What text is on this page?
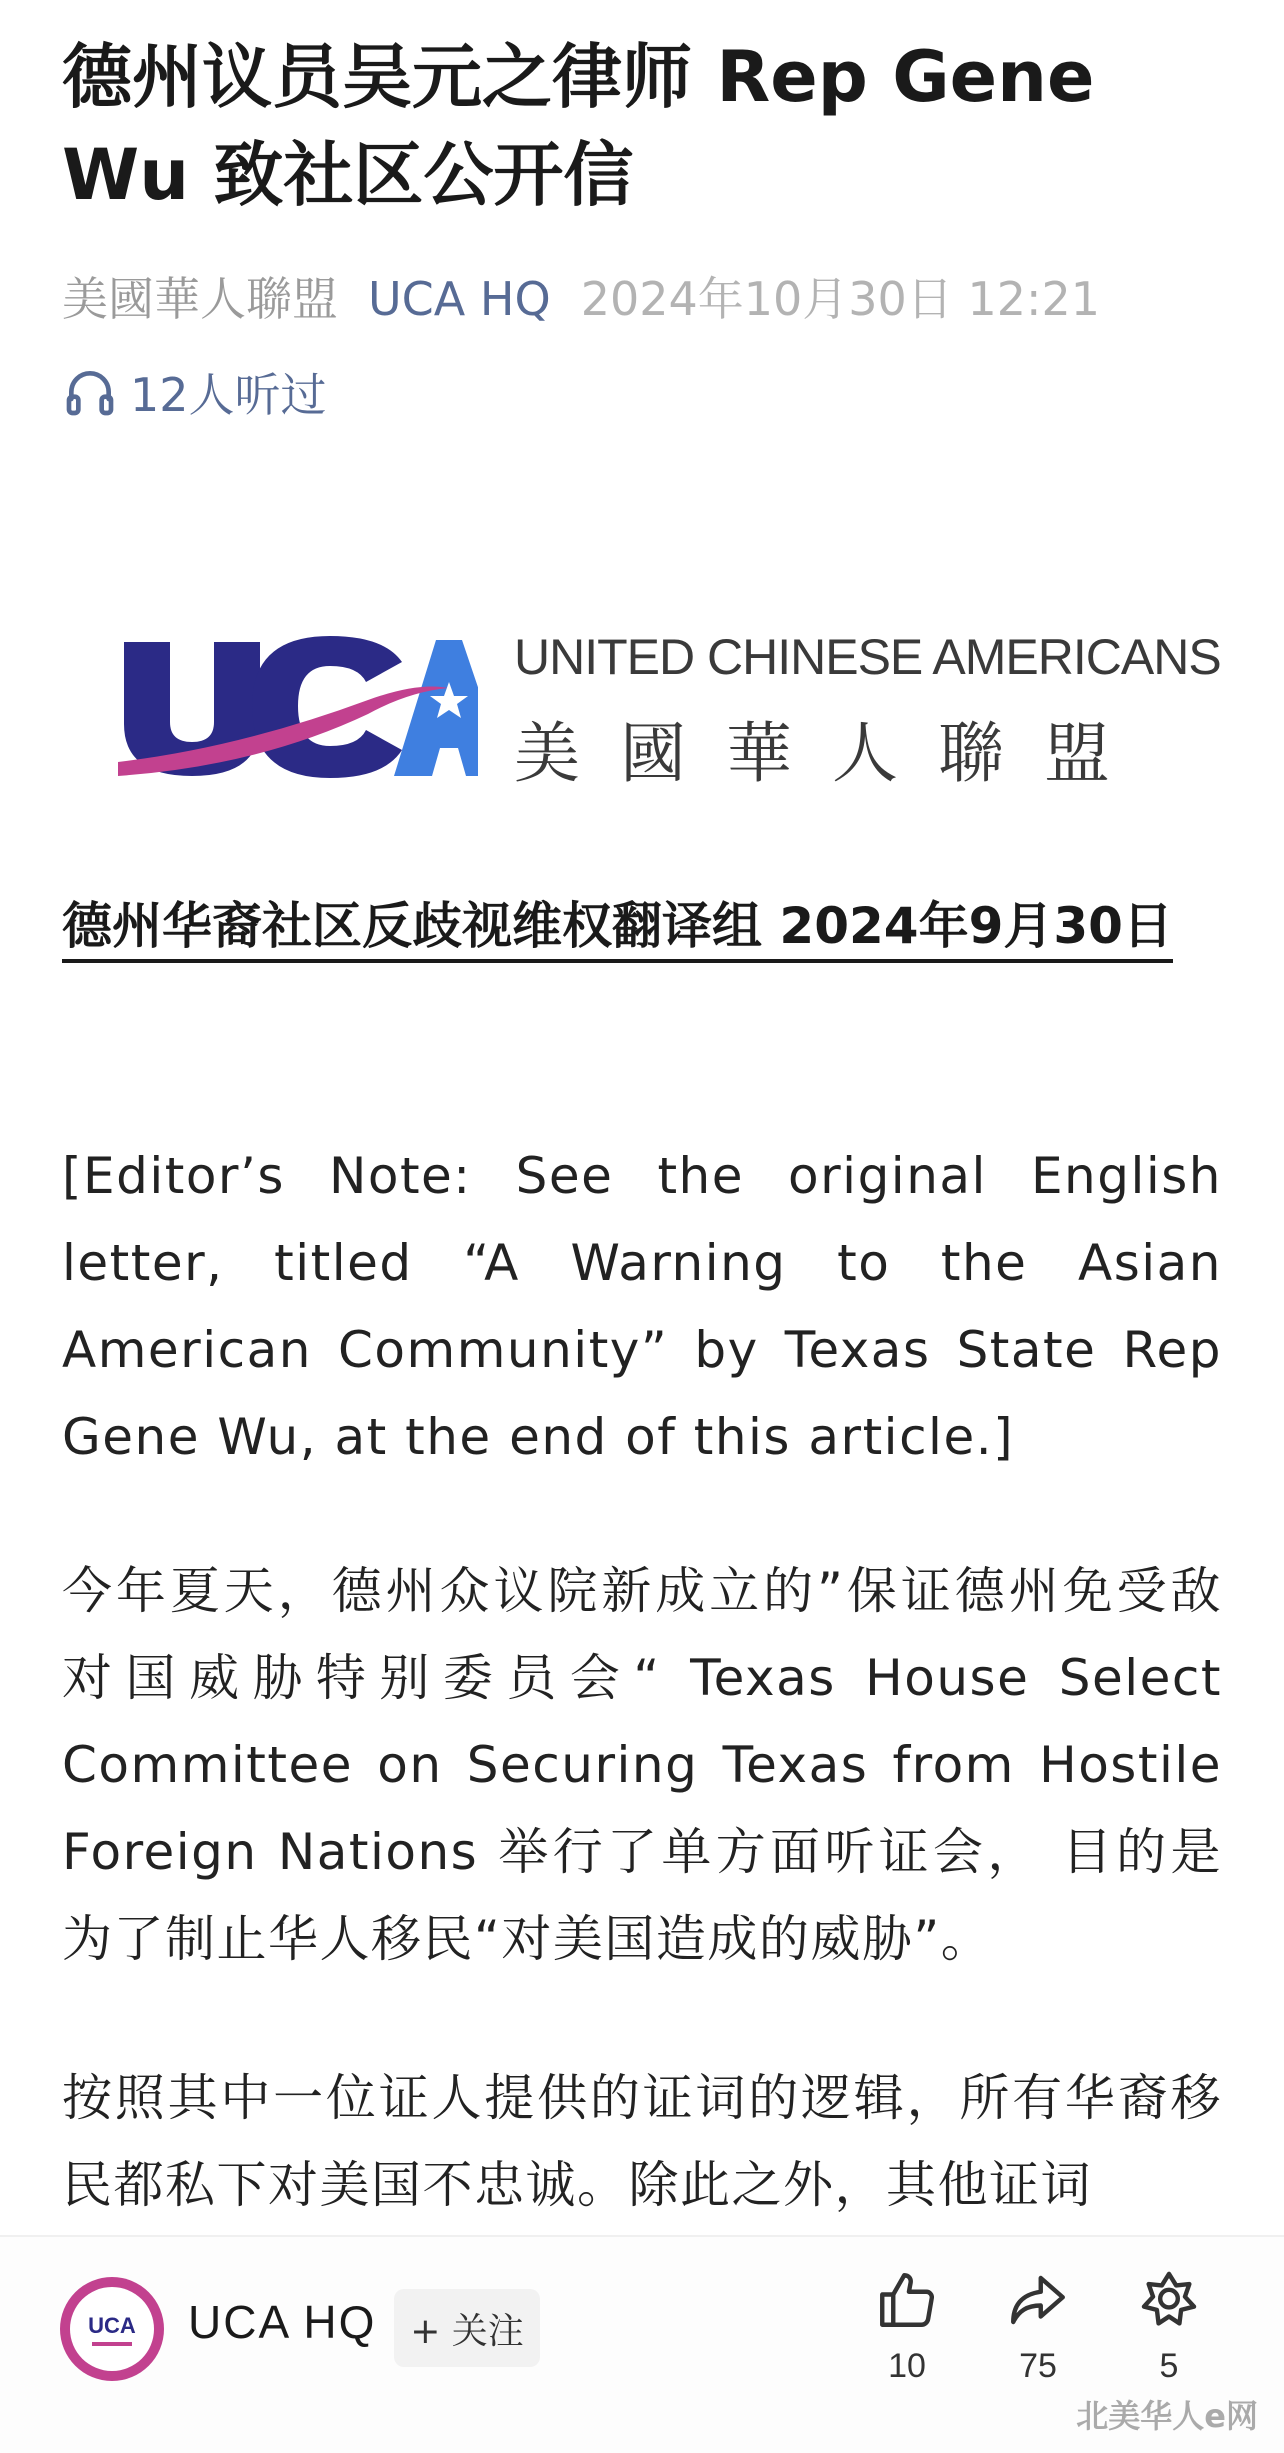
德州议员吴元之律师 Rep Gene Wu 致社区公开信
美國華人聯盟 UCA HQ 2024年10月30日 12:21
12人听过
UNITED CHINESE AMERICANS
美國華人聯盟
德州华裔社区反歧视维权翻译组 2024年9月30日
[Editor’s Note: See the original English letter, titled “A Warning to the Asian American Community” by Texas State Rep Gene Wu, at the end of this article.]
今年夏天，德州众议院新成立的”保证德州免受敌对国威胁特别委员会“ Texas House Select Committee on Securing Texas from Hostile Foreign Nations 举行了单方面听证会， 目的是为了制止华人移民“对美国造成的威胁”。
按照其中一位证人提供的证词的逻辑，所有华裔移民都私下对美国不忠诚。除此之外，其他证词
UCA UCA HQ + 关注
10	75	5
北美华人e网
